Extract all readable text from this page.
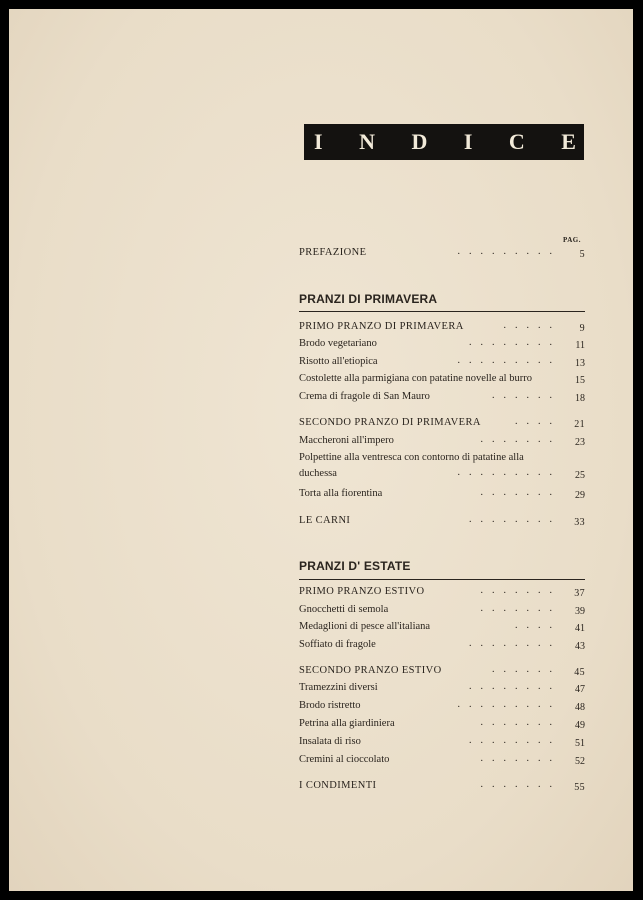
I N D I C E
PAG.
PREFAZIONE	......... 5
PRANZI DI PRIMAVERA
PRIMO PRANZO DI PRIMAVERA	..... 9
Brodo vegetariano	........ 11
Risotto all'etiopica	......... 13
Costolette alla parmigiana con patatine novelle al burro	15
Crema di fragole di San Mauro	...... 18
SECONDO PRANZO DI PRIMAVERA	.... 21
Maccheroni all'impero	....... 23
Polpettine alla ventresca con contorno di patatine alla
duchessa	......... 25
Torta alla fiorentina	....... 29
LE CARNI	........ 33
PRANZI D' ESTATE
PRIMO PRANZO ESTIVO	....... 37
Gnocchetti di semola	....... 39
Medaglioni di pesce all'italiana	.... 41
Soffiato di fragole	........ 43
SECONDO PRANZO ESTIVO	...... 45
Tramezzini diversi	........ 47
Brodo ristretto	......... 48
Petrina alla giardiniera	....... 49
Insalata di riso	........ 51
Cremini al cioccolato	....... 52
I CONDIMENTI	....... 55
